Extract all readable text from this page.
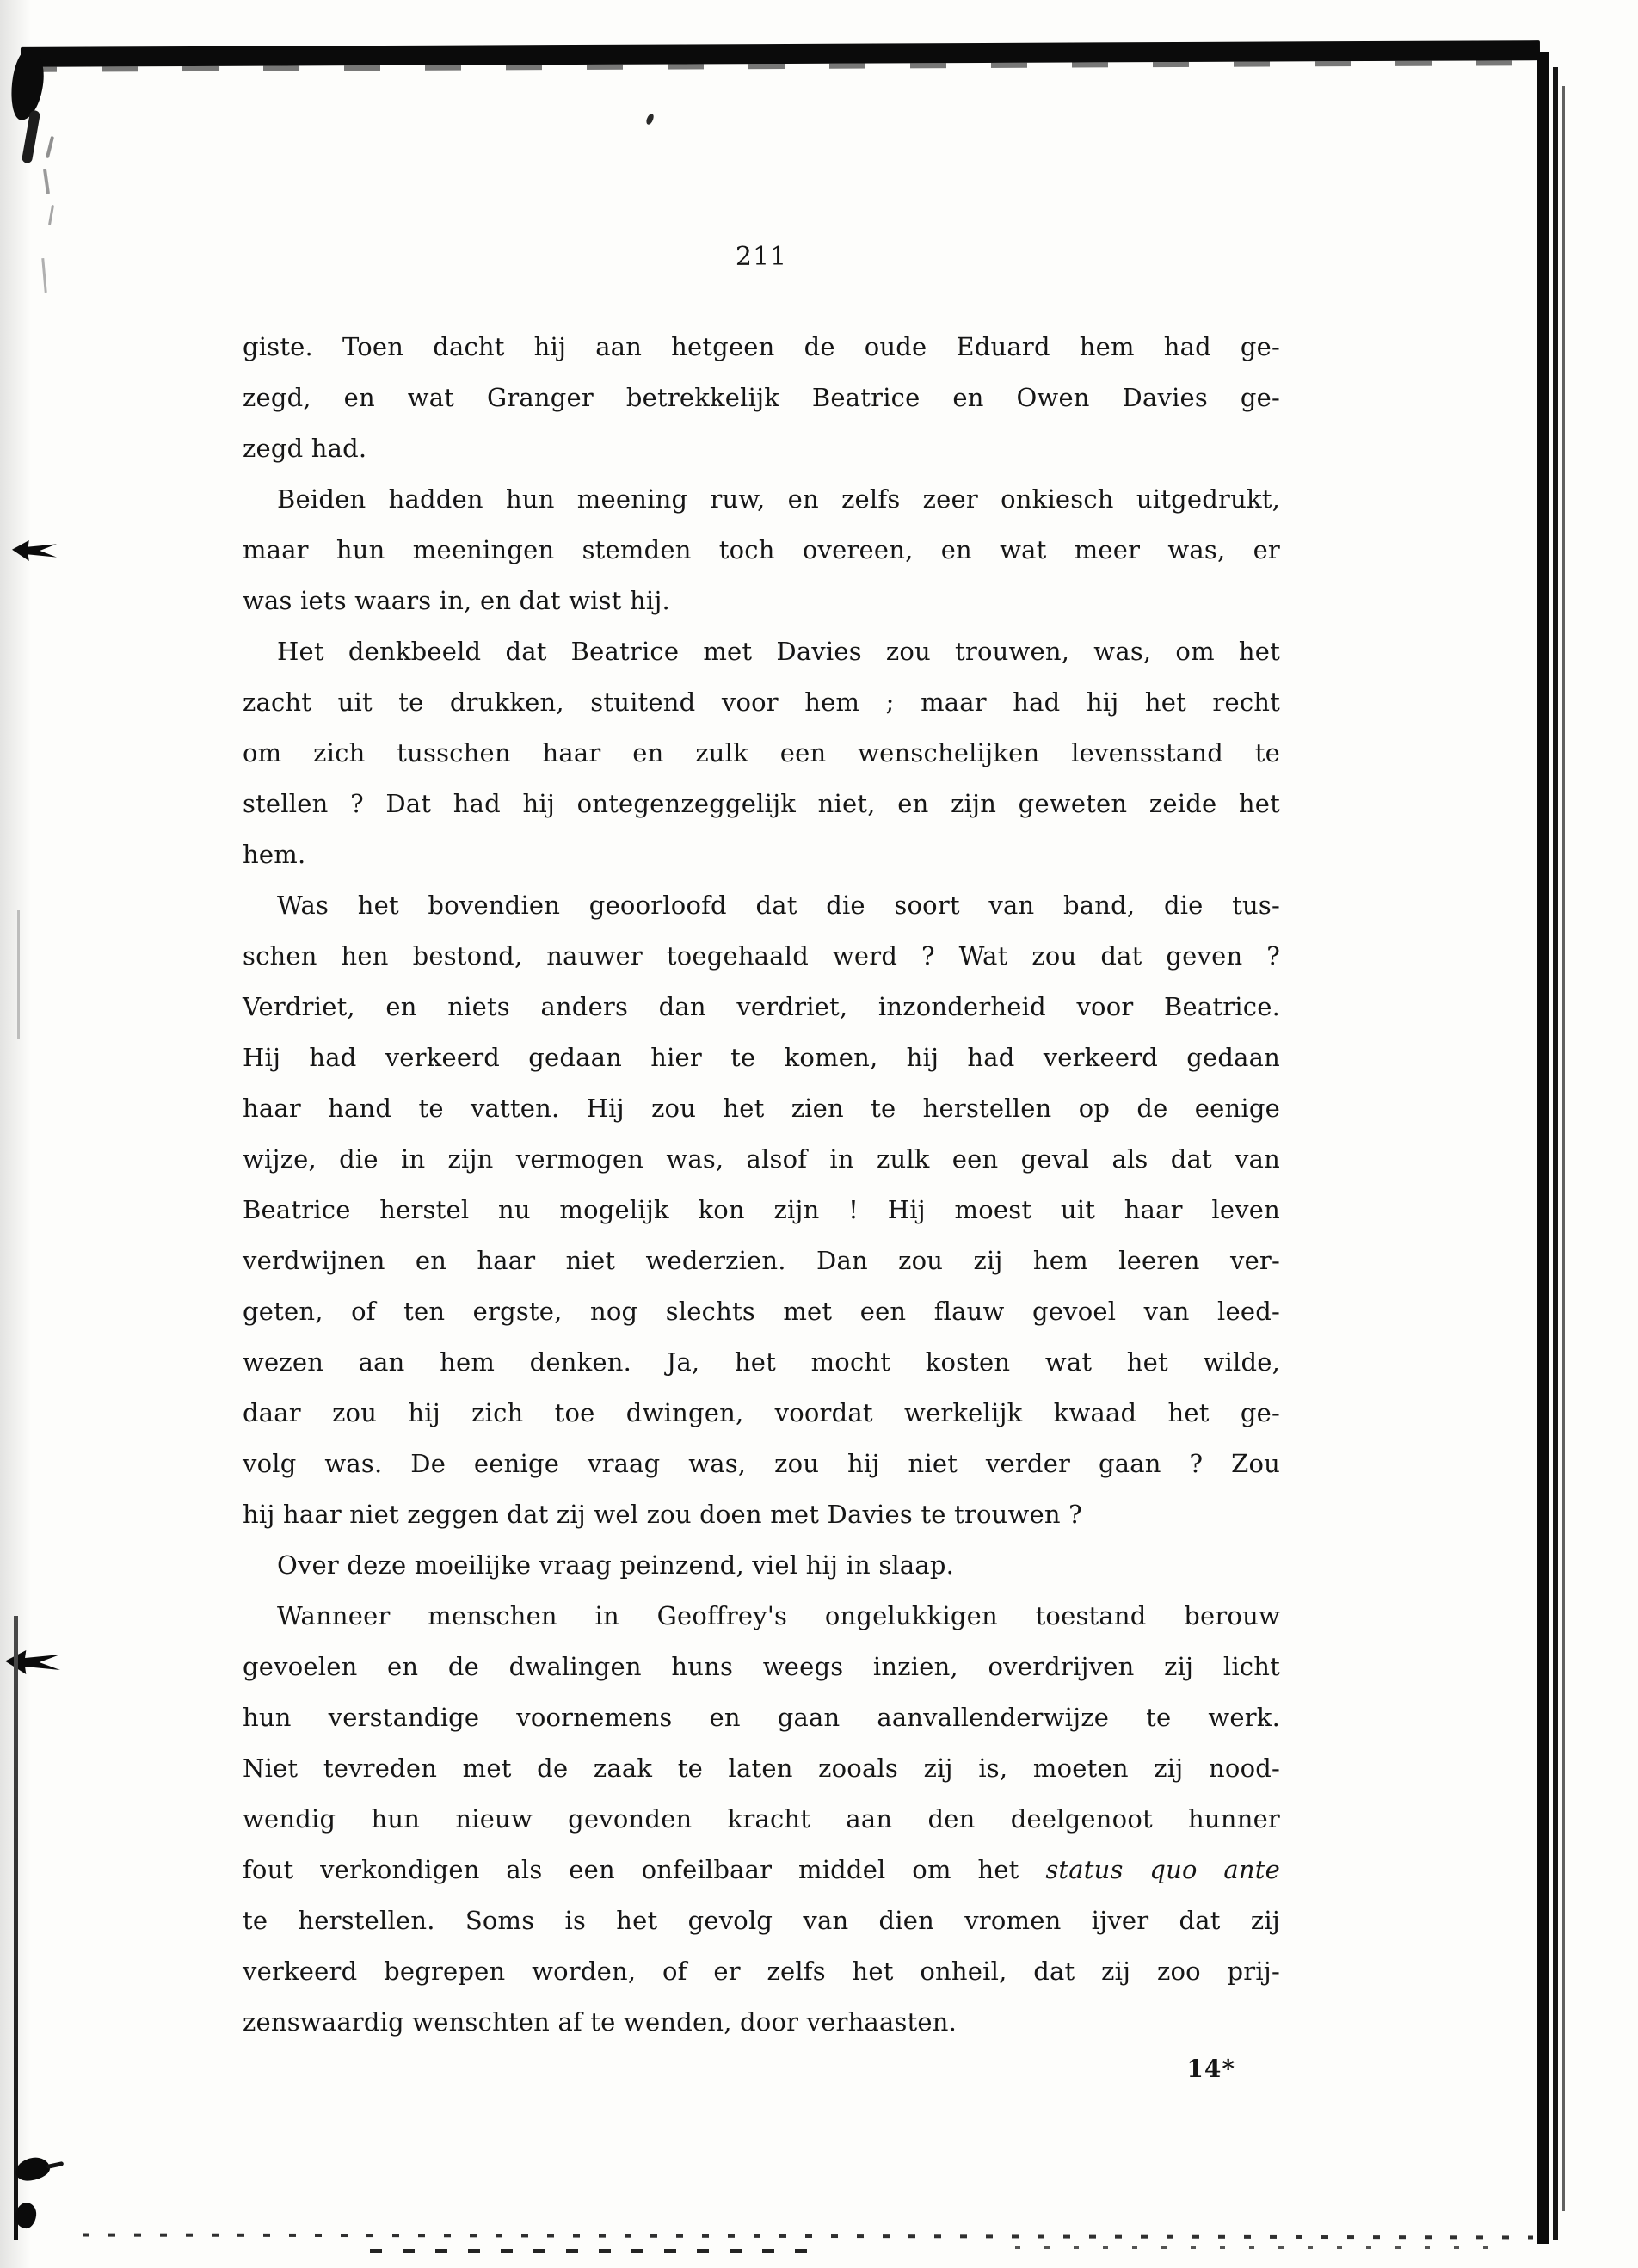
211
giste. Toen dacht hij aan hetgeen de oude Eduard hem had ge-
zegd, en wat Granger betrekkelijk Beatrice en Owen Davies ge-
zegd had.
Beiden hadden hun meening ruw, en zelfs zeer onkiesch uitgedrukt,
maar hun meeningen stemden toch overeen, en wat meer was, er
was iets waars in, en dat wist hij.
Het denkbeeld dat Beatrice met Davies zou trouwen, was, om het
zacht uit te drukken, stuitend voor hem ; maar had hij het recht
om zich tusschen haar en zulk een wenschelijken levensstand te
stellen ? Dat had hij ontegenzeggelijk niet, en zijn geweten zeide het
hem.
Was het bovendien geoorloofd dat die soort van band, die tus-
schen hen bestond, nauwer toegehaald werd ? Wat zou dat geven ?
Verdriet, en niets anders dan verdriet, inzonderheid voor Beatrice.
Hij had verkeerd gedaan hier te komen, hij had verkeerd gedaan
haar hand te vatten. Hij zou het zien te herstellen op de eenige
wijze, die in zijn vermogen was, alsof in zulk een geval als dat van
Beatrice herstel nu mogelijk kon zijn ! Hij moest uit haar leven
verdwijnen en haar niet wederzien. Dan zou zij hem leeren ver-
geten, of ten ergste, nog slechts met een flauw gevoel van leed-
wezen aan hem denken. Ja, het mocht kosten wat het wilde,
daar zou hij zich toe dwingen, voordat werkelijk kwaad het ge-
volg was. De eenige vraag was, zou hij niet verder gaan ? Zou
hij haar niet zeggen dat zij wel zou doen met Davies te trouwen ?
Over deze moeilijke vraag peinzend, viel hij in slaap.
Wanneer menschen in Geoffrey's ongelukkigen toestand berouw
gevoelen en de dwalingen huns weegs inzien, overdrijven zij licht
hun verstandige voornemens en gaan aanvallenderwijze te werk.
Niet tevreden met de zaak te laten zooals zij is, moeten zij nood-
wendig hun nieuw gevonden kracht aan den deelgenoot hunner
fout verkondigen als een onfeilbaar middel om het status quo ante
te herstellen. Soms is het gevolg van dien vromen ijver dat zij
verkeerd begrepen worden, of er zelfs het onheil, dat zij zoo prij-
zenswaardig wenschten af te wenden, door verhaasten.
14*
